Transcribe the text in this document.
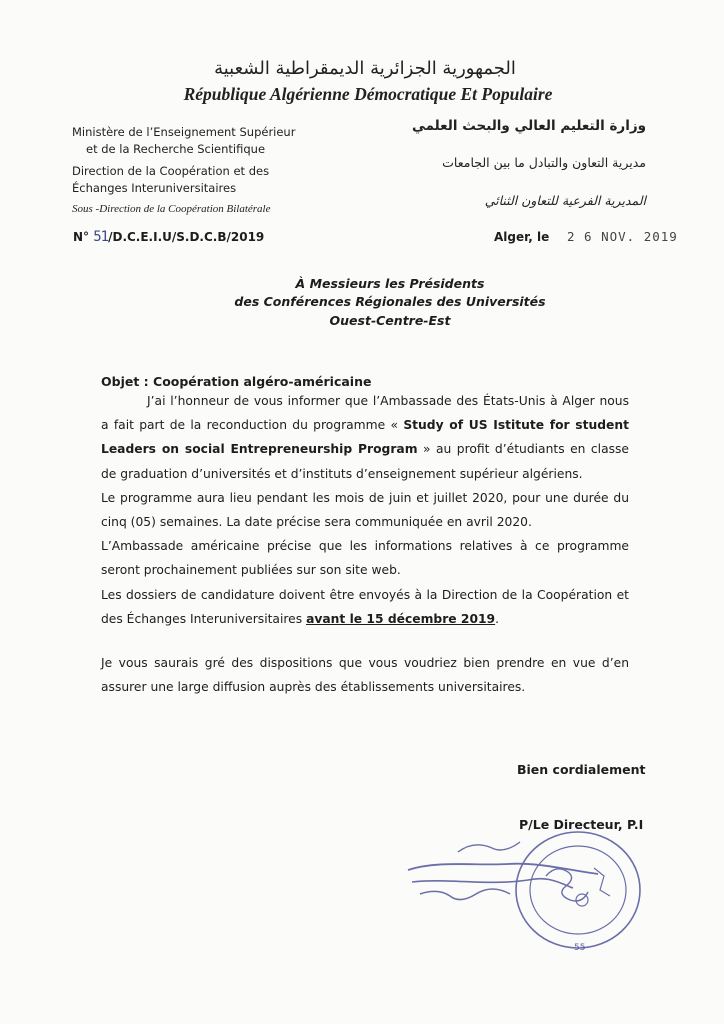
الجمهورية الجزائرية الديمقراطية الشعبية
République Algérienne Démocratique Et Populaire
Ministère de l’Enseignement Supérieur
et de la Recherche Scientifique
Direction de la Coopération et des
Échanges Interuniversitaires
Sous -Direction de la Coopération Bilatérale
وزارة التعليم العالي والبحث العلمي
مديرية التعاون والتبادل ما بين الجامعات
المديرية الفرعية للتعاون الثنائي
N° 51/D.C.E.I.U/S.D.C.B/2019	Alger, le 2 6 NOV. 2019
À Messieurs les Présidents
des Conférences Régionales des Universités
Ouest-Centre-Est
Objet : Coopération algéro-américaine

J’ai l’honneur de vous informer que l’Ambassade des États-Unis à Alger nous a fait part de la reconduction du programme « Study of US Istitute for student Leaders on social Entrepreneurship Program » au profit d’étudiants en classe de graduation d’universités et d’instituts d’enseignement supérieur algériens.

Le programme aura lieu pendant les mois de juin et juillet 2020, pour une durée du cinq (05) semaines. La date précise sera communiquée en avril 2020.

L’Ambassade américaine précise que les informations relatives à ce programme seront prochainement publiées sur son site web.

Les dossiers de candidature doivent être envoyés à la Direction de la Coopération et des Échanges Interuniversitaires avant le 15 décembre 2019.

Je vous saurais gré des dispositions que vous voudriez bien prendre en vue d’en assurer une large diffusion auprès des établissements universitaires.

Bien cordialement
P/Le Directeur, P.I
55
